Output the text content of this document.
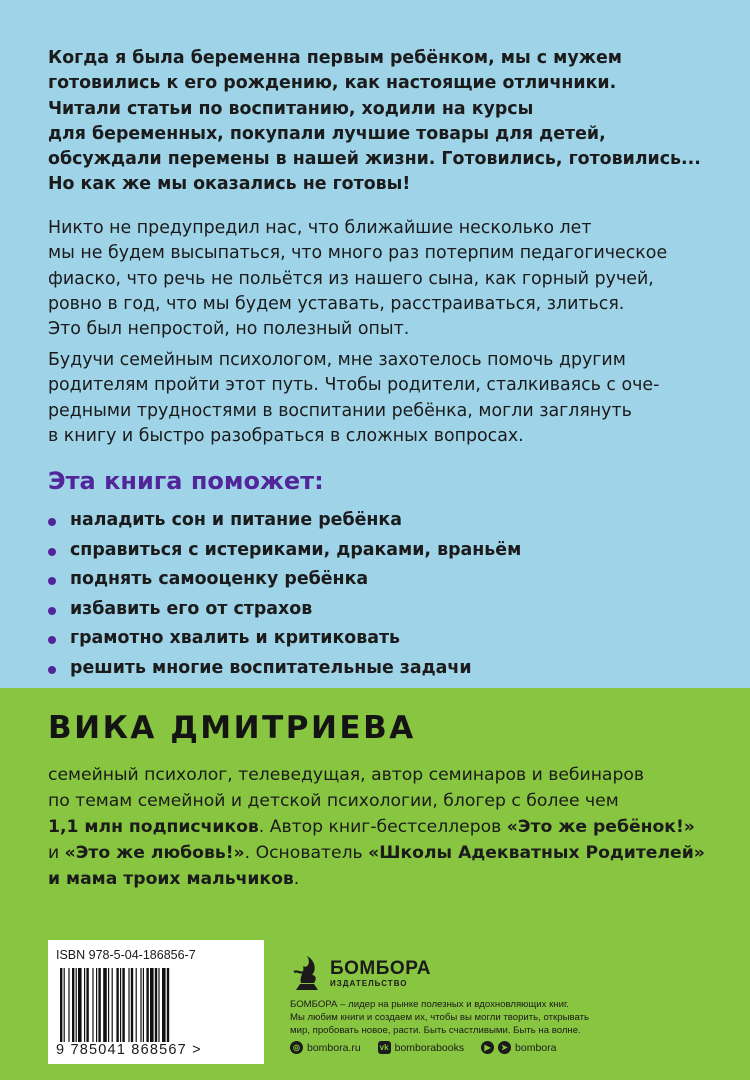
Когда я была беременна первым ребёнком, мы с мужем
готовились к его рождению, как настоящие отличники.
Читали статьи по воспитанию, ходили на курсы
для беременных, покупали лучшие товары для детей,
обсуждали перемены в нашей жизни. Готовились, готовились...
Но как же мы оказались не готовы!

Никто не предупредил нас, что ближайшие несколько лет
мы не будем высыпаться, что много раз потерпим педагогическое
фиаско, что речь не польётся из нашего сына, как горный ручей,
ровно в год, что мы будем уставать, расстраиваться, злиться.
Это был непростой, но полезный опыт.

Будучи семейным психологом, мне захотелось помочь другим
родителям пройти этот путь. Чтобы родители, сталкиваясь с оче-
редными трудностями в воспитании ребёнка, могли заглянуть
в книгу и быстро разобраться в сложных вопросах.

Эта книга поможет:
наладить сон и питание ребёнка
справиться с истериками, драками, враньём
поднять самооценку ребёнка
избавить его от страхов
грамотно хвалить и критиковать
решить многие воспитательные задачи
ВИКА ДМИТРИЕВА

семейный психолог, телеведущая, автор семинаров и вебинаров
по темам семейной и детской психологии, блогер с более чем
1,1 млн подписчиков. Автор книг-бестселлеров «Это же ребёнок!»
и «Это же любовь!». Основатель «Школы Адекватных Родителей»
и мама троих мальчиков.

ISBN 978-5-04-186856-7
9 785041 868567 >
БОМБОРА
ИЗДАТЕЛЬСТВО

БОМБОРА – лидер на рынке полезных и вдохновляющих книг.
Мы любим книги и создаем их, чтобы вы могли творить, открывать
мир, пробовать новое, расти. Быть счастливыми. Быть на волне.

◎ bombora.ru
vk bomborabooks
	▶	➤ bombora
